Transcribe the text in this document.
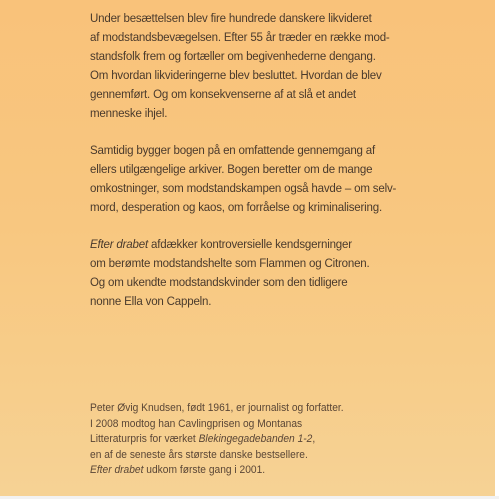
Under besættelsen blev fire hundrede danskere likvideret
af modstandsbevægelsen. Efter 55 år træder en række mod-
standsfolk frem og fortæller om begivenhederne dengang.
Om hvordan likvideringerne blev besluttet. Hvordan de blev
gennemført. Og om konsekvenserne af at slå et andet
menneske ihjel.
Samtidig bygger bogen på en omfattende gennemgang af
ellers utilgængelige arkiver. Bogen beretter om de mange
omkostninger, som modstandskampen også havde – om selv-
mord, desperation og kaos, om forråelse og kriminalisering.
Efter drabet afdækker kontroversielle kendsgerninger
om berømte modstandshelte som Flammen og Citronen.
Og om ukendte modstandskvinder som den tidligere
nonne Ella von Cappeln.
Peter Øvig Knudsen, født 1961, er journalist og forfatter.
I 2008 modtog han Cavlingprisen og Montanas
Litteraturpris for værket Blekingegadebanden 1-2,
en af de seneste års største danske bestsellere.
Efter drabet udkom første gang i 2001.
